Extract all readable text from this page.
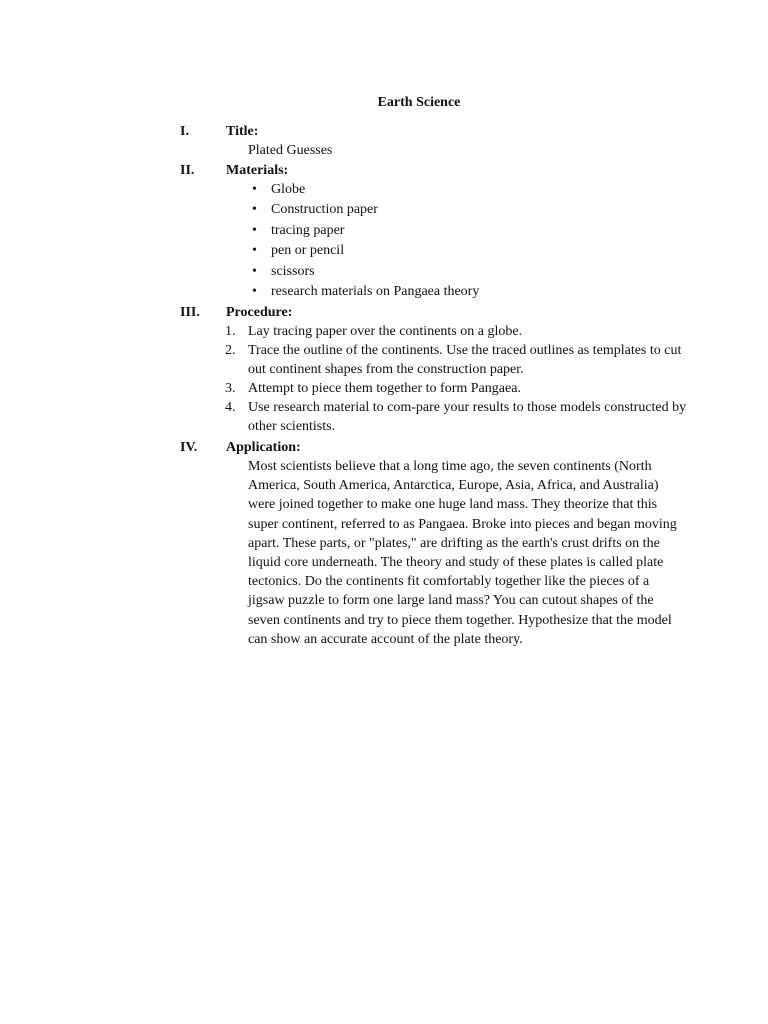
Earth Science
I.	Title:
Plated Guesses
II. Materials:
• Globe
• Construction paper
• tracing paper
• pen or pencil
• scissors
• research materials on Pangaea theory
III. Procedure:
1. Lay tracing paper over the continents on a globe.
2. Trace the outline of the continents. Use the traced outlines as templates to cut out continent shapes from the construction paper.
3. Attempt to piece them together to form Pangaea.
4. Use research material to com-pare your results to those models constructed by other scientists.
IV. Application:

Most scientists believe that a long time ago, the seven continents (North America, South America, Antarctica, Europe, Asia, Africa, and Australia) were joined together to make one huge land mass. They theorize that this super continent, referred to as Pangaea. Broke into pieces and began moving apart. These parts, or "plates," are drifting as the earth's crust drifts on the liquid core underneath. The theory and study of these plates is called plate tectonics. Do the continents fit comfortably together like the pieces of a jigsaw puzzle to form one large land mass? You can cutout shapes of the seven continents and try to piece them together. Hypothesize that the model can show an accurate account of the plate theory.
